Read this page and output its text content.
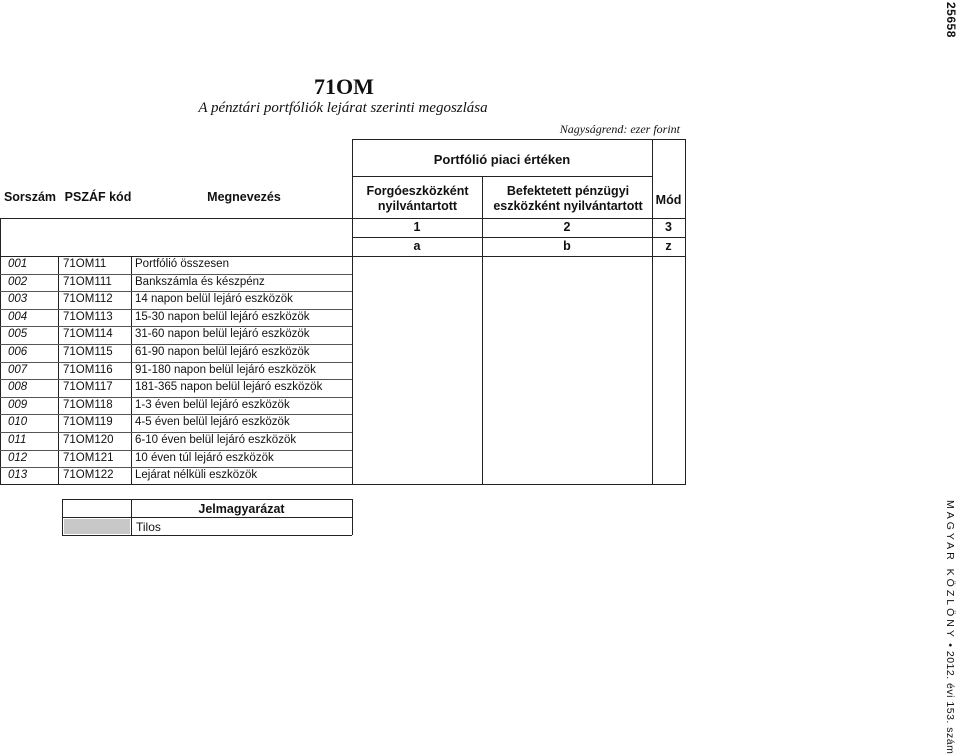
25658
71OM
A pénztári portfóliók lejárat szerinti megoszlása
Nagyságrend: ezer forint
Portfólió piaci értéken
Sorszám PSZÁF kód	Megnevezés	Forgóeszközként nyilvántartott
Befektetett pénzügyi eszközként nyilvántartott	Mód
1	2	3
a	b	z
001	71OM11 Portfólió összesen
002	71OM111 Bankszámla és készpénz
003	71OM112 14 napon belül lejáró eszközök
004	71OM113 15-30 napon belül lejáró eszközök
005	71OM114 31-60 napon belül lejáró eszközök
006	71OM115 61-90 napon belül lejáró eszközök
007	71OM116 91-180 napon belül lejáró eszközök
008	71OM117 181-365 napon belül lejáró eszközök
009	71OM118 1-3 éven belül lejáró eszközök
010	71OM119 4-5 éven belül lejáró eszközök
011	71OM120 6-10 éven belül lejáró eszközök
012	71OM121 10 éven túl lejáró eszközök
013	71OM122 Lejárat nélküli eszközök
Jelmagyarázat
Tilos	MAGYAR KÖZLÖNY • 2012. évi 153. szám
